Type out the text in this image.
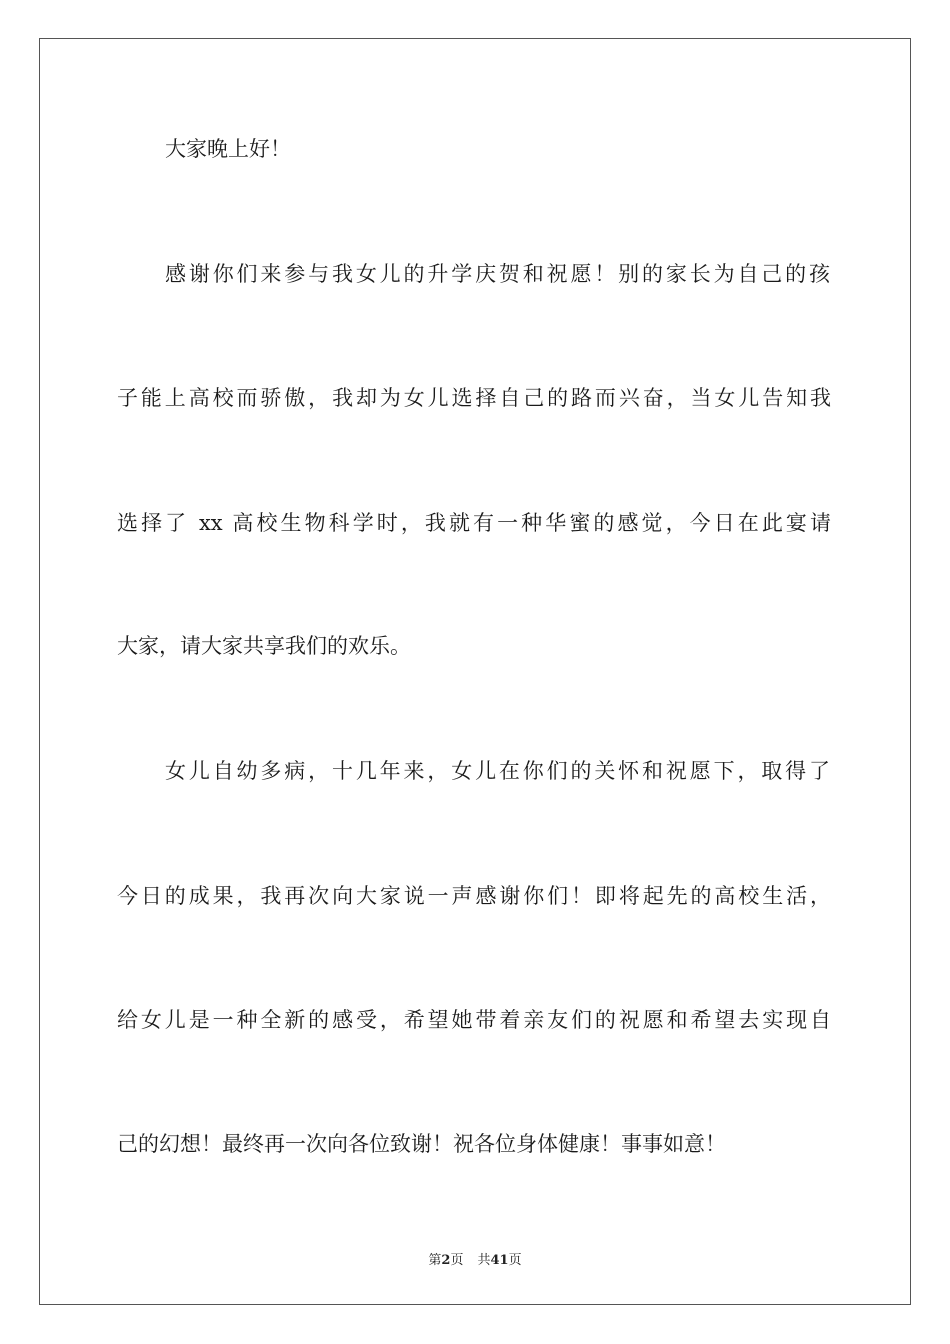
大家晚上好！

感谢你们来参与我女儿的升学庆贺和祝愿！别的家长为自己的孩

子能上高校而骄傲，我却为女儿选择自己的路而兴奋，当女儿告知我

选择了 xx 高校生物科学时，我就有一种华蜜的感觉，今日在此宴请

大家，请大家共享我们的欢乐。

女儿自幼多病，十几年来，女儿在你们的关怀和祝愿下，取得了

今日的成果，我再次向大家说一声感谢你们！即将起先的高校生活，

给女儿是一种全新的感受，希望她带着亲友们的祝愿和希望去实现自

己的幻想！最终再一次向各位致谢！祝各位身体健康！事事如意！

第2页 共41页
